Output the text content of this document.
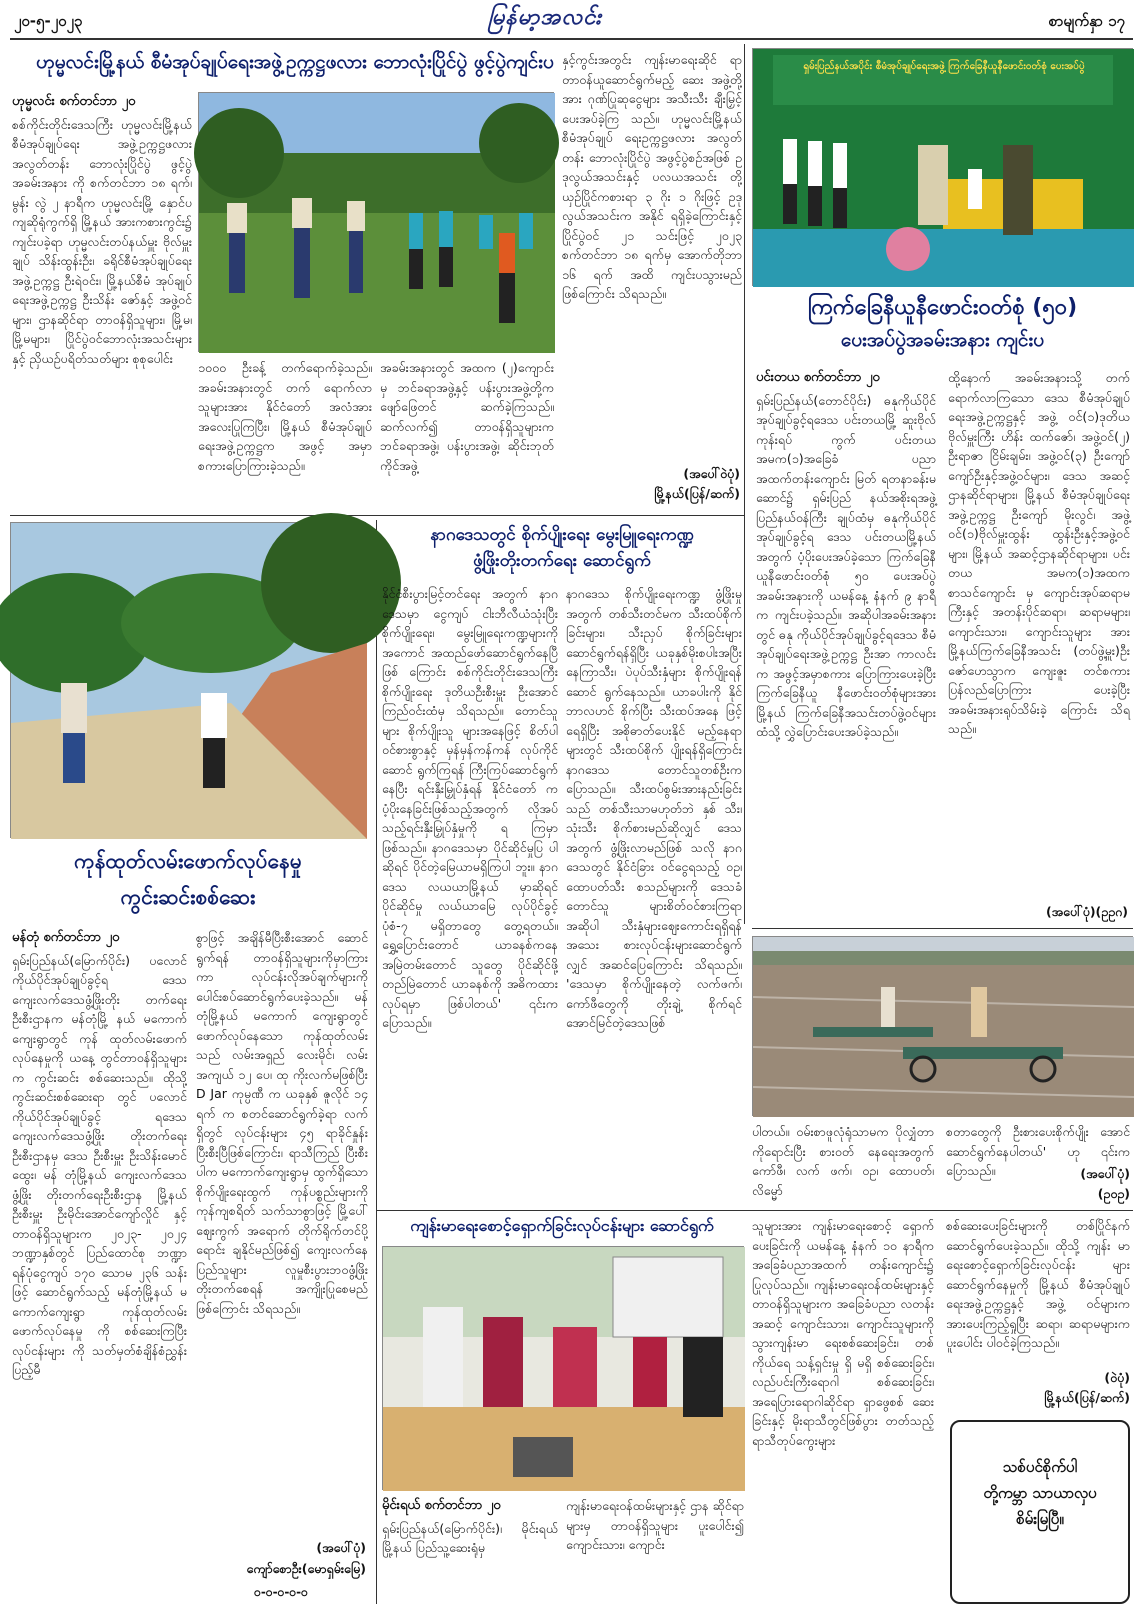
၂၀-၅-၂၀၂၃	မြန်မာ့အလင်း	စာမျက်နှာ ၁၇
ဟုမ္မလင်းမြို့နယ် စီမံအုပ်ချုပ်ရေးအဖွဲ့ဥက္ကဋ္ဌဖလား ဘောလုံးပြိုင်ပွဲ ဖွင့်ပွဲကျင်းပ
ဟုမ္မလင်း စက်တင်ဘာ ၂၀

စစ်ကိုင်းတိုင်းဒေသကြီး ဟုမ္မလင်းမြို့နယ်စီမံအုပ်ချုပ်ရေး အဖွဲ့ဥက္ကဋ္ဌဖလား အလွတ်တန်း ဘောလုံးပြိုင်ပွဲ ဖွင့်ပွဲအခမ်းအနား ကို စက်တင်ဘာ ၁၈ ရက်၊ မွန်း လွဲ ၂ နာရီက ဟုမ္မလင်းမြို့ နှောင်ပကျဆိုရုံကွက်ရှိ မြို့နယ် အားကစားကွင်း၌ ကျင်းပခဲ့ရာ ဟုမ္မလင်းတပ်နယ်မှူး ဗိုလ်မှူးချုပ် သိန်းထွန်းဦး၊ ခရိုင်စီမံအုပ်ချုပ်ရေး အဖွဲ့ဥက္ကဋ္ဌ ဦးရဲဝင်း၊ မြို့နယ်စီမံ အုပ်ချုပ်ရေးအဖွဲ့ဥက္ကဋ္ဌ ဦးသိန်း ဇော်နှင့် အဖွဲ့ဝင်များ၊ ဌာနဆိုင်ရာ တာဝန်ရှိသူများ၊ မြို့မ၊ မြို့မများ၊ ပြိုင်ပွဲဝင်ဘောလုံးအသင်းများနှင့် ညှိယဉ်ပရိတ်သတ်များ စုစုပေါင်း

၁၀၀၀ ဦးခန့် တက်ရောက်ခဲ့သည်။ အခမ်းအနားတွင် တက် ရောက်လာသူများအား နိုင်ငံတော် အလံအားအလေးပြုကြပြီး၊ မြို့နယ် စီမံအုပ်ချုပ်ရေးအဖွဲ့ဥက္ကဋ္ဌက အဖွင့် အမှာစကားပြောကြားခဲ့သည်။
အခမ်းအနားတွင် အထက (၂)ကျောင်းမှ ဘင်ခရာအဖွဲ့နှင့် ပန်းပွားအဖွဲ့တို့က ဖျော်ဖြေတင် ဆက်ခဲ့ကြသည်။ ဆက်လက်၍ တာဝန်ရှိသူများက ဘင်ခရာအဖွဲ့၊ ပန်းပွားအဖွဲ့၊ ဆိုင်းဘုတ်ကိုင်အဖွဲ့

နှင့်ကွင်းအတွင်း ကျန်းမာရေးဆိုင် ရာ တာဝန်ယူဆောင်ရွက်မည့် ဆေး အဖွဲ့တို့အား ဂုဏ်ပြုဆုငွေများ အသီးသီး ချီးမြှင့်ပေးအပ်ခဲ့ကြ သည်။ ဟုမ္မလင်းမြို့နယ် စီမံအုပ်ချုပ် ရေးဥက္ကဋ္ဌဖလား အလွတ်တန်း ဘောလုံးပြိုင်ပွဲ အဖွင့်ပွဲစဉ်အဖြစ် ဥဒုလွယ်အသင်းနှင့် ပလယအသင်း တို့ ယှဉ်ပြိုင်ကစားရာ ၃ ဂိုး ၁ ဂိုးဖြင့် ဥဒုလွယ်အသင်းက အနိုင် ရရှိခဲ့ကြောင်းနှင့် ပြိုင်ပွဲဝင် ၂၁ သင်းဖြင့် ၂၀၂၃ စက်တင်ဘာ ၁၈ ရက်မှ အောက်တိုဘာ ၁၆ ရက် အထိ ကျင်းပသွားမည်ဖြစ်ကြောင်း သိရသည်။

(အပေါ်ဝဲပုံ)
မြို့နယ်(ပြန်/ဆက်)
ရှမ်းပြည်နယ်အပိုင်း စီမံအုပ်ချုပ်ရေးအဖွဲ့ ကြက်ခြေနီယူနီဖောင်းဝတ်စုံ ပေးအပ်ပွဲ
ကြက်ခြေနီယူနီဖောင်းဝတ်စုံ (၅၀)
ပေးအပ်ပွဲအခမ်းအနား ကျင်းပ
ပင်းတယ စက်တင်ဘာ ၂၀

ရှမ်းပြည်နယ်(တောင်ပိုင်း) ဓနုကိုယ်ပိုင်အုပ်ချုပ်ခွင့်ရဒေသ ပင်းတယမြို့ ဆူးဗိုလ်ကုန်းရပ် ကွက် ပင်းတယ အမက(၁)အခြေခံ ပညာအထက်တန်းကျောင်း မြတ် ရတနာခန်းမဆောင်၌ ရှမ်းပြည် နယ်အစိုးရအဖွဲ့ ပြည်နယ်ဝန်ကြီး ချုပ်ထံမှ ဓနုကိုယ်ပိုင်အုပ်ချုပ်ခွင့်ရ ဒေသ ပင်းတယမြို့နယ်အတွက် ပံ့ပိုးပေးအပ်ခဲ့သော ကြက်ခြေနီ ယူနီဖောင်းဝတ်စုံ ၅၀ ပေးအပ်ပွဲ အခမ်းအနားကို ယမန်နေ့ နံနက် ၉ နာရီက ကျင်းပခဲ့သည်။ အဆိုပါအခမ်းအနားတွင် ဓနု ကိုယ်ပိုင်အုပ်ချုပ်ခွင့်ရဒေသ စီမံ အုပ်ချုပ်ရေးအဖွဲ့ဥက္ကဋ္ဌ ဦးအာ ကာလင်းက အဖွင့်အမှာစကား ပြောကြားပေးခဲ့ပြီး ကြက်ခြေနီယူ နီဖောင်းဝတ်စုံများအား မြို့နယ် ကြက်ခြေနီအသင်းတပ်ဖွဲ့ဝင်များ ထံသို့ လွှဲပြောင်းပေးအပ်ခဲ့သည်။

ထို့နောက် အခမ်းအနားသို့ တက်ရောက်လာကြသော ဒေသ စီမံအုပ်ချုပ်ရေးအဖွဲ့ဥက္ကဋ္ဌနှင့် အဖွဲ့ ဝင်(၁)ဒုတိယ ဗိုလ်မှူးကြီး ဟိန်း ထက်ဇော်၊ အဖွဲ့ဝင်(၂) ဦးရာဇာ ငြိမ်းချမ်း၊ အဖွဲ့ဝင်(၃) ဦးကျော် ကျော်ဦးနှင့်အဖွဲ့ဝင်များ၊ ဒေသ အဆင့်ဌာနဆိုင်ရာများ၊ မြို့နယ် စီမံအုပ်ချုပ်ရေးအဖွဲ့ဥက္ကဋ္ဌ ဦးကျော် မိုးလွင်၊ အဖွဲ့ဝင်(၁)ဗိုလ်မှူးထွန်း ထွန်းဦးနှင့်အဖွဲ့ဝင်များ၊ မြို့နယ် အဆင့်ဌာနဆိုင်ရာများ၊ ပင်းတယ အမက(၁)အထက စာသင်ကျောင်း မှ ကျောင်းအုပ်ဆရာမကြီးနှင့် အတန်းပိုင်ဆရာ၊ ဆရာမများ၊ ကျောင်းသား၊ ကျောင်းသူများ အား မြို့နယ်ကြက်ခြေနီအသင်း (တပ်ဖွဲ့မှူး)ဦးဇော်ဟေသွာက ကျေးဇူး တင်စကား ပြန်လည်ပြောကြား ပေးခဲ့ပြီး အခမ်းအနားရုပ်သိမ်းခဲ့ ကြောင်း သိရသည်။

(အပေါ်ပုံ)(ဥဥဂ)
ကုန်ထုတ်လမ်းဖောက်လုပ်နေမှု
ကွင်းဆင်းစစ်ဆေး
မန်တုံ စက်တင်ဘာ ၂၀

ရှမ်းပြည်နယ်(မြောက်ပိုင်း) ပလောင်ကိုယ်ပိုင်အုပ်ချုပ်ခွင့်ရ ဒေသ ကျေးလက်ဒေသဖွံ့ဖြိုးတိုး တက်ရေးဦးစီးဌာနက မန်တုံမြို့ နယ် မကောက်ကျေးရွာတွင် ကုန် ထုတ်လမ်းဖောက်လုပ်နေမှုကို ယနေ့ တွင်တာဝန်ရှိသူများက ကွင်းဆင်း စစ်ဆေးသည်။ ထိုသို့ကွင်းဆင်းစစ်ဆေးရာ တွင် ပလောင်ကိုယ်ပိုင်အုပ်ချုပ်ခွင့် ရဒေသ ကျေးလက်ဒေသဖွံ့ဖြိုး တိုးတက်ရေးဦးစီးဌာနမှ ဒေသ ဦးစီးမှူး ဦးသိန်းမောင်ထွေး၊ မန် တုံမြို့နယ် ကျေးလက်ဒေသဖွံ့ဖြိုး တိုးတက်ရေးဦးစီးဌာန မြို့နယ် ဦးစီးမှူး ဦးမိုင်းအောင်ကျော်လှိုင် နှင့် တာဝန်ရှိသူများက ၂၀၂၃- ၂၀၂၄ ဘဏ္ဍာနှစ်တွင် ပြည်ထောင်စု ဘဏ္ဍာရန်ပုံငွေကျပ် ၁၇၀ သောမ ၂၃၆ သန်းဖြင့် ဆောင်ရွက်သည့် မန်တုံမြို့နယ် မကောက်ကျေးရွာ ကုန်ထုတ်လမ်း ဖောက်လုပ်နေမှု ကို စစ်ဆေးကြပြီး လုပ်ငန်းများ ကို သတ်မှတ်စံချိန်စံညွှန်းပြည့်မီ

စွာဖြင့် အချိန်မီပြီးစီးအောင် ဆောင် ရွက်ရန် တာဝန်ရှိသူများကိုမှာကြား ကာ လုပ်ငန်းလိုအပ်ချက်များကို ပေါင်းစပ်ဆောင်ရွက်ပေးခဲ့သည်။ မန်တုံမြို့နယ် မကောက် ကျေးရွာတွင် ဖောက်လုပ်နေသော ကုန်ထုတ်လမ်းသည် လမ်းအရှည် လေးမိုင်၊ လမ်းအကျယ် ၁၂ ပေ၊ ထု ကိုးလက်မဖြစ်ပြီး D Jar ကုမ္ပဏီ က ယခုနှစ် ဇူလိုင် ၁၄ ရက် က စတင်ဆောင်ရွက်ခဲ့ရာ လက် ရှိတွင် လုပ်ငန်းများ ၄၅ ရာခိုင်နှုန်း ပြီးစီးပြီဖြစ်ကြောင်း၊ ရာသီကြည် ပြီးစီးပါက မကောက်ကျေးရွာမှ ထွက်ရှိသော စိုက်ပျိုးရေးထွက် ကုန်ပစ္စည်းများကို ကုန်ကျစရိတ် သက်သာစွာဖြင့် မြို့ပေါ်ဈေးကွက် အရောက် တိုက်ရိုက်တင်ပို့ရောင်း ချနိုင်မည်ဖြစ်၍ ကျေးလက်နေ ပြည်သူများ လူမှုစီးပွားဘဝဖွံ့ဖြိုး တိုးတက်စေရန် အကျိုးပြုစေမည် ဖြစ်ကြောင်း သိရသည်။

(အပေါ်ပုံ)
ကျော်စောဦး(မောရှမ်းမြေ)
၀-၀-၀-၀-၀
နာဂဒေသတွင် စိုက်ပျိုးရေး မွေးမြူရေးကဏ္ဍ
ဖွံ့ဖြိုးတိုးတက်ရေး ဆောင်ရွက်

နိုင်ငံစီးပွားမြင့်တင်ရေး အတွက် နာဂဒေသမှာ ငွေကျပ် ငါးဘီလီယံသုံးပြီး စိုက်ပျိုးရေး၊ မွေးမြူရေးကဏ္ဍများကို အကောင် အထည်ဖော်ဆောင်ရွက်နေပြီဖြစ် ကြောင်း စစ်ကိုင်းတိုင်းဒေသကြီး စိုက်ပျိုးရေး ဒုတိယဦးစီးမှူး ဦးအောင်ကြည်ဝင်းထံမှ သိရသည်။ တောင်သူများ စိုက်ပျိုးသူ များအနေဖြင့် စိတ်ပါဝင်စားစွာနှင့် မှန်မှန်ကန်ကန် လုပ်ကိုင်ဆောင် ရွက်ကြရန် ကြီးကြပ်ဆောင်ရွက် နေပြီး ရင်းနှီးမြှုပ်နှံရန် နိုင်ငံတော် က ပံ့ပိုးနေခြင်းဖြစ်သည့်အတွက် လိုအပ်သည့်ရင်းနှီးမြှုပ်နှံမှုကို ရ ကြမှာဖြစ်သည်။ နာဂဒေသမှာ ပိုင်ဆိုင်မှုပြ ပါဆိုရင် ပိုင်တဲ့မြေယာမရှိကြပါ ဘူး။ နာဂဒေသ လယယာမြို့နယ် မှာဆိုရင် ပိုင်ဆိုင်မှု လယ်ယာမြေ လုပ်ပိုင်ခွင့် ပုံစံ-၇ မရှိတာတွေ တွေ့ရတယ်။ ရွှေ့ပြောင်းတောင် ယာခနစ်ကနေ အမြဲတမ်းတောင် သူတွေ ပိုင်ဆိုင်ဖို့ တည်မြဲတောင် ယာခနစ်ကို အဓိကထားလုပ်ရမှာ ဖြစ်ပါတယ်' ၎င်းက ပြောသည်။

နာဂဒေသ စိုက်ပျိုးရေးကဏ္ဍ ဖွံ့ဖြိုးမှုအတွက် တစ်သီးတင်မက သီးထပ်စိုက်ခြင်းများ၊ သီးညှပ် စိုက်ခြင်းများဆောင်ရွက်ရန်ရှိပြီး ယခုနှစ်မိုးစပါးအပြီး နေကြာသီး၊ ပဲပုပ်သီးနှံများ စိုက်ပျိုးရန်ဆောင် ရွက်နေသည်။ ယာခပါးကို နိုင် ဘာလဟင် စိုက်ပြီး သီးထပ်အနေ ဖြင့် ရေရှိပြီး အစိုဓာတ်ပေးနိုင် မည့်နေရာများတွင် သီးထပ်စိုက် ပျိုးရန်ရှိကြောင်း နာဂဒေသ တောင်သူတစ်ဦးက ပြောသည်။ သီးထပ်စွမ်းအားနည်းခြင်း သည် တစ်သီးသာမဟုတ်ဘဲ နှစ် သီး၊ သုံးသီး စိုက်စားမည်ဆိုလျှင် ဒေသအတွက် ဖွံ့ဖြိုးလာမည်ဖြစ် သလို နာဂဒေသတွင် နိုင်ငံခြား ဝင်ငွေရသည့် ဝဥ၊ ထောပတ်သီး စသည်များကို ဒေသခံတောင်သူ များစိတ်ဝင်စားကြရာ အဆိုပါ သီးနှံများဈေးကောင်းရရှိရန် အသေး စားလုပ်ငန်းများဆောင်ရွက်လျှင် အဆင်ပြေကြောင်း သိရသည်။ 'ဒေသမှာ စိုက်ပျိုးနေတဲ့ လက်ဖက်၊ ကော်ဖီတွေကို တိုးချဲ့ စိုက်ရင် အောင်မြင်တဲ့ဒေသဖြစ်

ပါတယ်။ ဝမ်းစာဖူလုံရုံသာမက ပိုလျှံတာကိုရောင်းပြီး စားဝတ် နေရေးအတွက် ကော်ဖီ၊ လက် ဖက်၊ ဝဥ၊ ထောပတ်၊ လိမ္မော်
စတာတွေကို ဦးစားပေးစိုက်ပျိုး အောင် ဆောင်ရွက်နေပါတယ်' ဟု ၎င်းကပြောသည်။	(အပေါ်ပုံ)
(ဥဝဥ)
ကျန်းမာရေးစောင့်ရှောက်ခြင်းလုပ်ငန်းများ ဆောင်ရွက်
မိုင်းရယ် စက်တင်ဘာ ၂၀

ရှမ်းပြည်နယ်(မြောက်ပိုင်း)၊ မိုင်းရယ်မြို့နယ် ပြည်သူ့ဆေးရုံမှ

ကျန်းမာရေးဝန်ထမ်းများနှင့် ဌာန ဆိုင်ရာများမှ တာဝန်ရှိသူများ ပူးပေါင်း၍ ကျောင်းသား၊ ကျောင်း
သူများအား ကျန်းမာရေးစောင့် ရှောက်ပေးခြင်းကို ယမန်နေ့ နံနက် ၁၀ နာရီက အခြေခံပညာအထက် တန်းကျောင်း၌ ပြုလုပ်သည်။ ကျန်းမာရေးဝန်ထမ်းများနှင့် တာဝန်ရှိသူများက အခြေခံပညာ လတန်းအဆင့် ကျောင်းသား၊ ကျောင်းသူများကို သွားကျန်းမာ ရေးစစ်ဆေးခြင်း၊ တစ်ကိုယ်ရေ သန့်ရှင်းမှု ရှိ မရှိ စစ်ဆေးခြင်း၊ လည်ပင်းကြီးရောဂါ စစ်ဆေးခြင်း၊ အရေပြားရောဂါဆိုင်ရာ ရှာဖွေစစ် ဆေးခြင်းနှင့် မိုးရာသီတွင်ဖြစ်ပွား တတ်သည့် ရာသီတုပ်ကွေးများ

စစ်ဆေးပေးခြင်းများကို တစ်ပြိုင်နက် ဆောင်ရွက်ပေးခဲ့သည်။ ထိုသို့ ကျန်း မာရေးစောင့်ရှောက်ခြင်းလုပ်ငန်း များ ဆောင်ရွက်နေမှုကို မြို့နယ် စီမံအုပ်ချုပ်ရေးအဖွဲ့ဥက္ကဋ္ဌနှင့် အဖွဲ့ ဝင်များက အားပေးကြည့်ရှုပြီး ဆရာ၊ ဆရာမများက ပူးပေါင်း ပါဝင်ခဲ့ကြသည်။

(ဝဲပုံ)
မြို့နယ်(ပြန်/ဆက်)
သစ်ပင်စိုက်ပါ
တို့ကမ္ဘာ သာယာလှပ
စိမ်းမြပြီ။
